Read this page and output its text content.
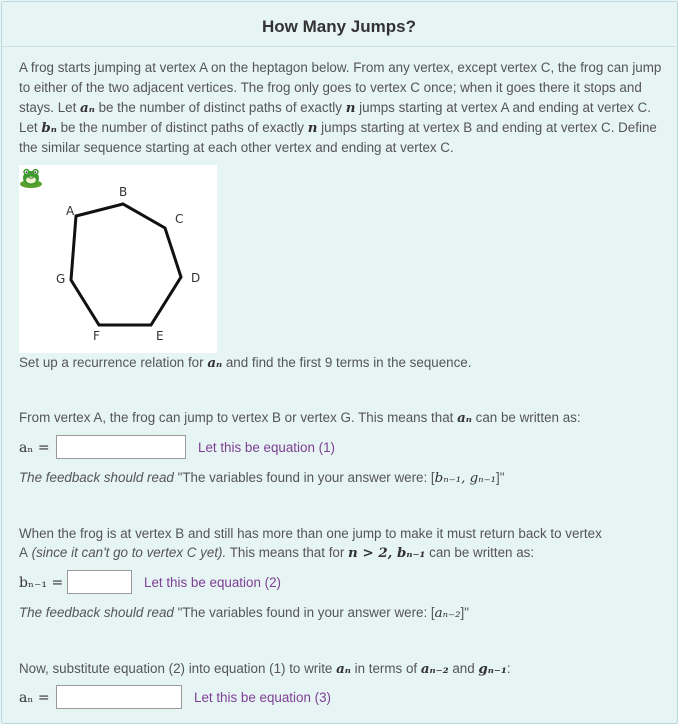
How Many Jumps?
A frog starts jumping at vertex A on the heptagon below. From any vertex, except vertex C, the frog can jump to either of the two adjacent vertices. The frog only goes to vertex C once; when it goes there it stops and stays. Let aₙ be the number of distinct paths of exactly n jumps starting at vertex A and ending at vertex C. Let bₙ be the number of distinct paths of exactly n jumps starting at vertex B and ending at vertex C. Define the similar sequence starting at each other vertex and ending at vertex C.
A
B
C
D
E
F
G
Set up a recurrence relation for aₙ and find the first 9 terms in the sequence.
From vertex A, the frog can jump to vertex B or vertex G. This means that aₙ can be written as:
aₙ =	Let this be equation (1)
The feedback should read "The variables found in your answer were: [bₙ₋₁, gₙ₋₁]"
When the frog is at vertex B and still has more than one jump to make it must return back to vertex
A (since it can't go to vertex C yet). This means that for n > 2, bₙ₋₁ can be written as:
bₙ₋₁ =	Let this be equation (2)
The feedback should read "The variables found in your answer were: [aₙ₋₂]"
Now, substitute equation (2) into equation (1) to write aₙ in terms of aₙ₋₂ and gₙ₋₁:
aₙ =	Let this be equation (3)
